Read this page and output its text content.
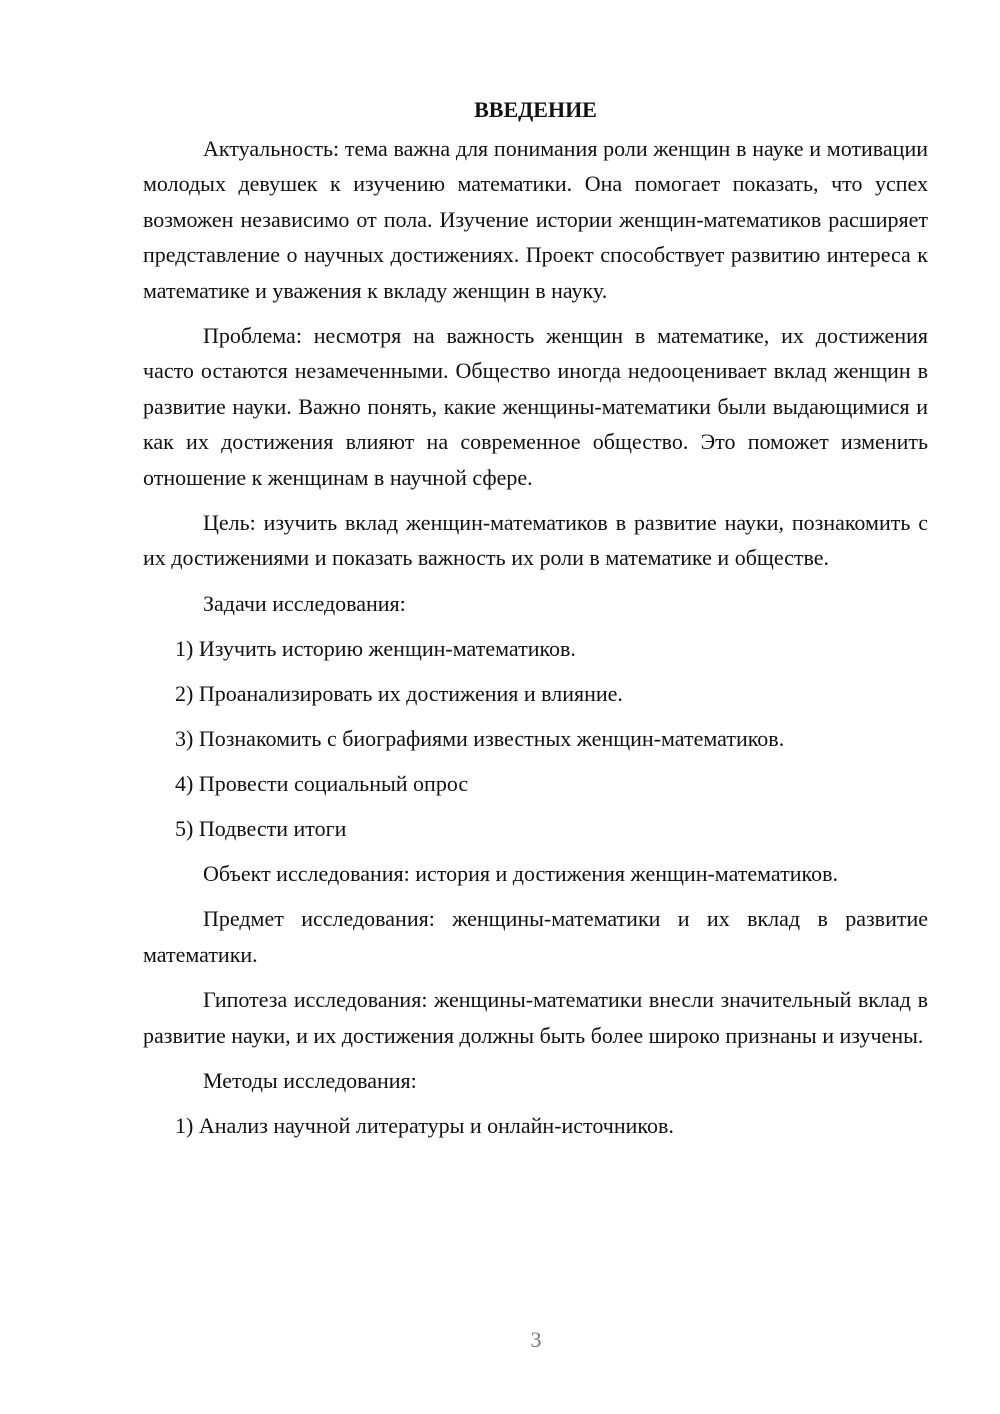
ВВЕДЕНИЕ

Актуальность: тема важна для понимания роли женщин в науке и мотивации молодых девушек к изучению математики. Она помогает показать, что успех возможен независимо от пола. Изучение истории женщин-математиков расширяет представление о научных достижениях. Проект способствует развитию интереса к математике и уважения к вкладу женщин в науку.

Проблема: несмотря на важность женщин в математике, их достижения часто остаются незамеченными. Общество иногда недооценивает вклад женщин в развитие науки. Важно понять, какие женщины-математики были выдающимися и как их достижения влияют на современное общество. Это поможет изменить отношение к женщинам в научной сфере.

Цель: изучить вклад женщин-математиков в развитие науки, познакомить с их достижениями и показать важность их роли в математике и обществе.

Задачи исследования:
1) Изучить историю женщин-математиков.
2) Проанализировать их достижения и влияние.
3) Познакомить с биографиями известных женщин-математиков.
4) Провести социальный опрос
5) Подвести итоги

Объект исследования: история и достижения женщин-математиков.

Предмет исследования: женщины-математики и их вклад в развитие математики.

Гипотеза исследования: женщины-математики внесли значительный вклад в развитие науки, и их достижения должны быть более широко признаны и изучены.

Методы исследования:
1) Анализ научной литературы и онлайн-источников.
3
